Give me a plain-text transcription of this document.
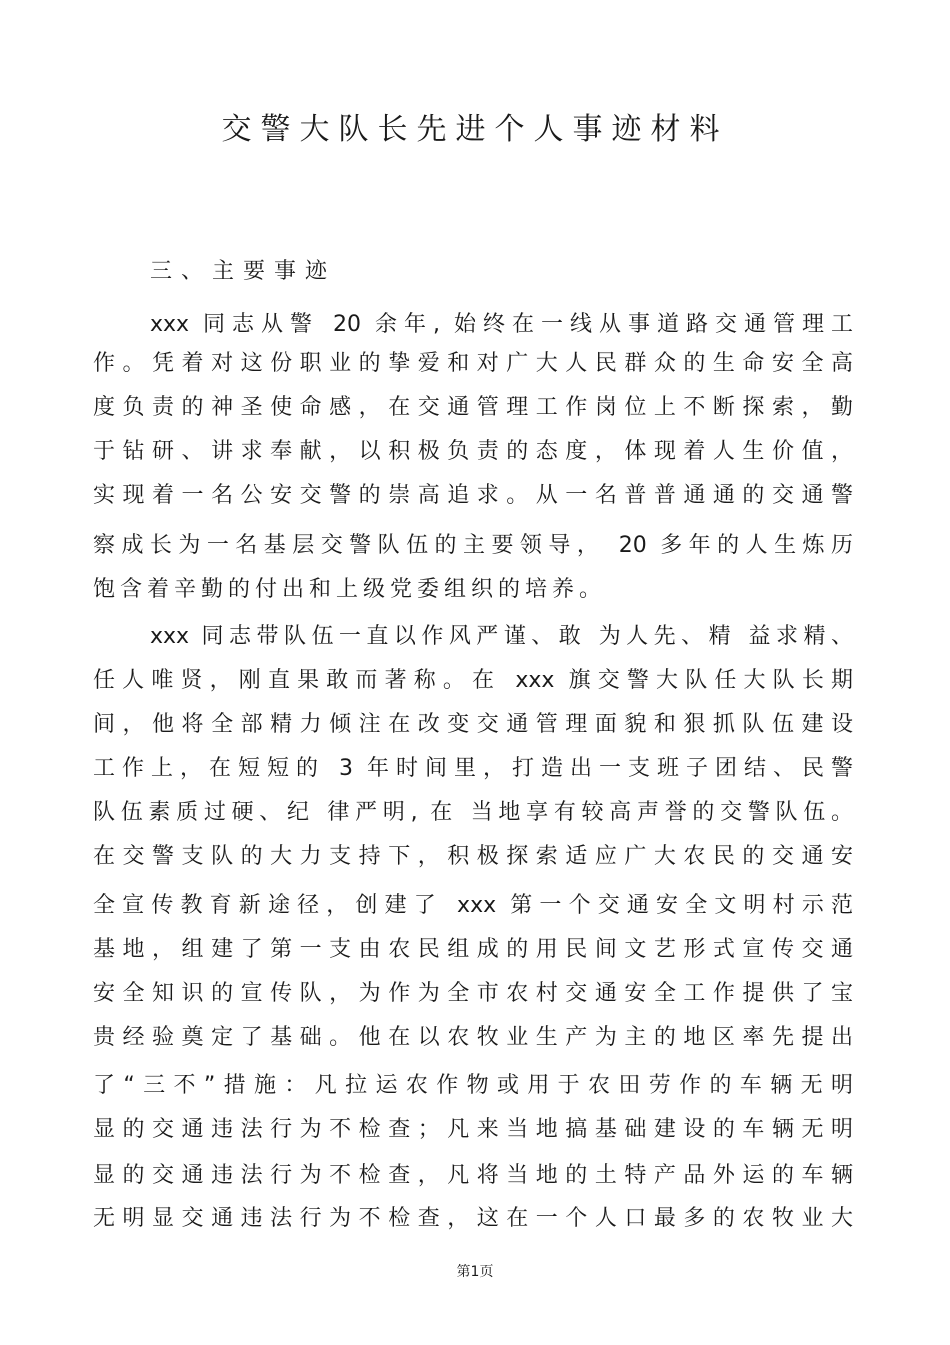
交警大队长先进个人事迹材料
三、主要事迹
xxx 同志从警 20 余年, 始终在一线从事道路交通管理工
作。凭着对这份职业的挚爱和对广大人民群众的生命安全高
度负责的神圣使命感，在交通管理工作岗位上不断探索，勤
于钻研、讲求奉献，以积极负责的态度，体现着人生价值，
实现着一名公安交警的崇高追求。从一名普普通通的交通警
察成长为一名基层交警队伍的主要领导， 20 多年的人生炼历
饱含着辛勤的付出和上级党委组织的培养。
xxx 同志带队伍一直以作风严谨、敢 为人先、精 益求精、
任人唯贤，刚直果敢而著称。在 xxx 旗交警大队任大队长期
间，他将全部精力倾注在改变交通管理面貌和狠抓队伍建设
工作上，在短短的 3 年时间里，打造出一支班子团结、民警
队伍素质过硬、纪 律严明, 在 当地享有较高声誉的交警队伍。
在交警支队的大力支持下，积极探索适应广大农民的交通安
全宣传教育新途径，创建了 xxx 第一个交通安全文明村示范
基地，组建了第一支由农民组成的用民间文艺形式宣传交通
安全知识的宣传队，为作为全市农村交通安全工作提供了宝
贵经验奠定了基础。他在以农牧业生产为主的地区率先提出
了“三不”措施：凡拉运农作物或用于农田劳作的车辆无明
显的交通违法行为不检查；凡来当地搞基础建设的车辆无明
显的交通违法行为不检查，凡将当地的土特产品外运的车辆
无明显交通违法行为不检查，这在一个人口最多的农牧业大
第1页
